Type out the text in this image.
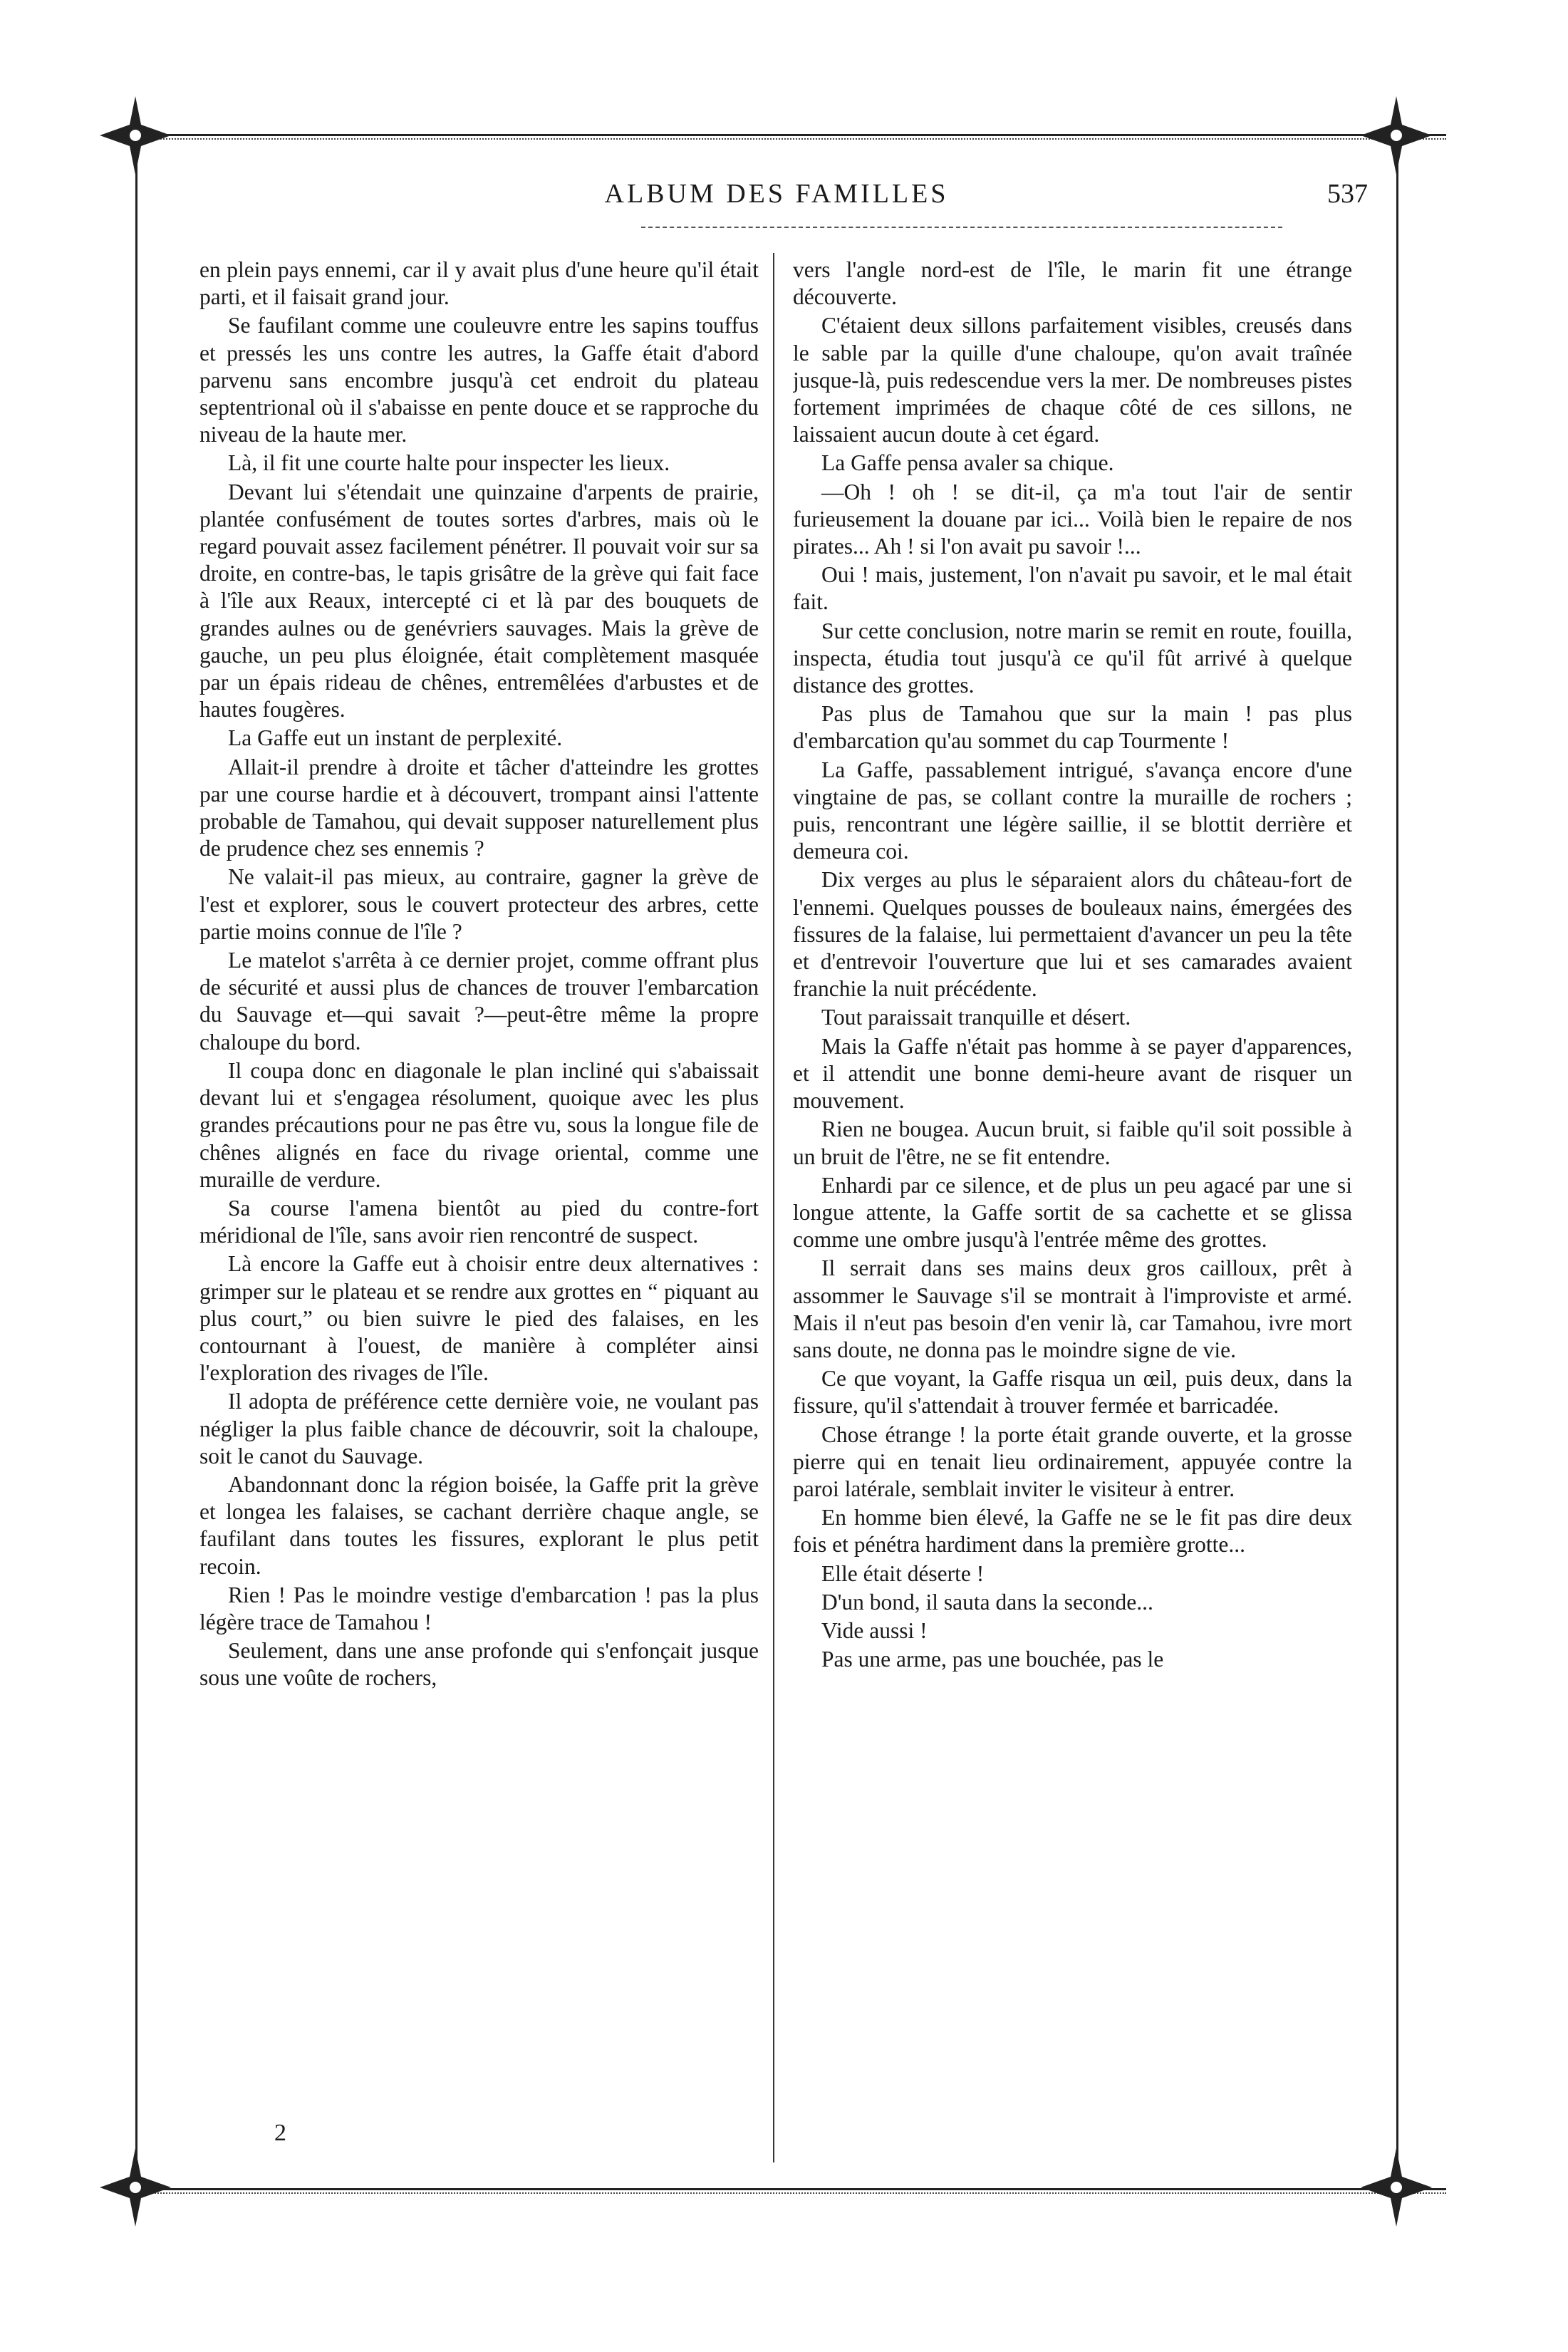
ALBUM DES FAMILLES	537

en plein pays ennemi, car il y avait plus d'une heure qu'il était parti, et il faisait grand jour.

Se faufilant comme une couleuvre entre les sapins touffus et pressés les uns contre les autres, la Gaffe était d'abord parvenu sans encombre jusqu'à cet endroit du plateau septentrional où il s'abaisse en pente douce et se rapproche du niveau de la haute mer.

Là, il fit une courte halte pour inspecter les lieux.

Devant lui s'étendait une quinzaine d'arpents de prairie, plantée confusément de toutes sortes d'arbres, mais où le regard pouvait assez facilement pénétrer. Il pouvait voir sur sa droite, en contre-bas, le tapis grisâtre de la grève qui fait face à l'île aux Reaux, intercepté ci et là par des bouquets de grandes aulnes ou de genévriers sauvages. Mais la grève de gauche, un peu plus éloignée, était complètement masquée par un épais rideau de chênes, entremêlées d'arbustes et de hautes fougères.

La Gaffe eut un instant de perplexité.

Allait-il prendre à droite et tâcher d'atteindre les grottes par une course hardie et à découvert, trompant ainsi l'attente probable de Tamahou, qui devait supposer naturellement plus de prudence chez ses ennemis ?

Ne valait-il pas mieux, au contraire, gagner la grève de l'est et explorer, sous le couvert protecteur des arbres, cette partie moins connue de l'île ?

Le matelot s'arrêta à ce dernier projet, comme offrant plus de sécurité et aussi plus de chances de trouver l'embarcation du Sauvage et—qui savait ?—peut-être même la propre chaloupe du bord.

Il coupa donc en diagonale le plan incliné qui s'abaissait devant lui et s'engagea résolument, quoique avec les plus grandes précautions pour ne pas être vu, sous la longue file de chênes alignés en face du rivage oriental, comme une muraille de verdure.

Sa course l'amena bientôt au pied du contre-fort méridional de l'île, sans avoir rien rencontré de suspect.

Là encore la Gaffe eut à choisir entre deux alternatives : grimper sur le plateau et se rendre aux grottes en “ piquant au plus court,” ou bien suivre le pied des falaises, en les contournant à l'ouest, de manière à compléter ainsi l'exploration des rivages de l'île.

Il adopta de préférence cette dernière voie, ne voulant pas négliger la plus faible chance de découvrir, soit la chaloupe, soit le canot du Sauvage.

Abandonnant donc la région boisée, la Gaffe prit la grève et longea les falaises, se cachant derrière chaque angle, se faufilant dans toutes les fissures, explorant le plus petit recoin.

Rien ! Pas le moindre vestige d'embarcation ! pas la plus légère trace de Tamahou !

Seulement, dans une anse profonde qui s'enfonçait jusque sous une voûte de rochers,

vers l'angle nord-est de l'île, le marin fit une étrange découverte.

C'étaient deux sillons parfaitement visibles, creusés dans le sable par la quille d'une chaloupe, qu'on avait traînée jusque-là, puis redescendue vers la mer. De nombreuses pistes fortement imprimées de chaque côté de ces sillons, ne laissaient aucun doute à cet égard.

La Gaffe pensa avaler sa chique.

—Oh ! oh ! se dit-il, ça m'a tout l'air de sentir furieusement la douane par ici... Voilà bien le repaire de nos pirates... Ah ! si l'on avait pu savoir !...

Oui ! mais, justement, l'on n'avait pu savoir, et le mal était fait.

Sur cette conclusion, notre marin se remit en route, fouilla, inspecta, étudia tout jusqu'à ce qu'il fût arrivé à quelque distance des grottes.

Pas plus de Tamahou que sur la main ! pas plus d'embarcation qu'au sommet du cap Tourmente !

La Gaffe, passablement intrigué, s'avança encore d'une vingtaine de pas, se collant contre la muraille de rochers ; puis, rencontrant une légère saillie, il se blottit derrière et demeura coi.

Dix verges au plus le séparaient alors du château-fort de l'ennemi. Quelques pousses de bouleaux nains, émergées des fissures de la falaise, lui permettaient d'avancer un peu la tête et d'entrevoir l'ouverture que lui et ses camarades avaient franchie la nuit précédente.

Tout paraissait tranquille et désert.

Mais la Gaffe n'était pas homme à se payer d'apparences, et il attendit une bonne demi-heure avant de risquer un mouvement.

Rien ne bougea. Aucun bruit, si faible qu'il soit possible à un bruit de l'être, ne se fit entendre.

Enhardi par ce silence, et de plus un peu agacé par une si longue attente, la Gaffe sortit de sa cachette et se glissa comme une ombre jusqu'à l'entrée même des grottes.

Il serrait dans ses mains deux gros cailloux, prêt à assommer le Sauvage s'il se montrait à l'improviste et armé. Mais il n'eut pas besoin d'en venir là, car Tamahou, ivre mort sans doute, ne donna pas le moindre signe de vie.

Ce que voyant, la Gaffe risqua un œil, puis deux, dans la fissure, qu'il s'attendait à trouver fermée et barricadée.

Chose étrange ! la porte était grande ouverte, et la grosse pierre qui en tenait lieu ordinairement, appuyée contre la paroi latérale, semblait inviter le visiteur à entrer.

En homme bien élevé, la Gaffe ne se le fit pas dire deux fois et pénétra hardiment dans la première grotte...

Elle était déserte !

D'un bond, il sauta dans la seconde...

Vide aussi !

Pas une arme, pas une bouchée, pas le

2
